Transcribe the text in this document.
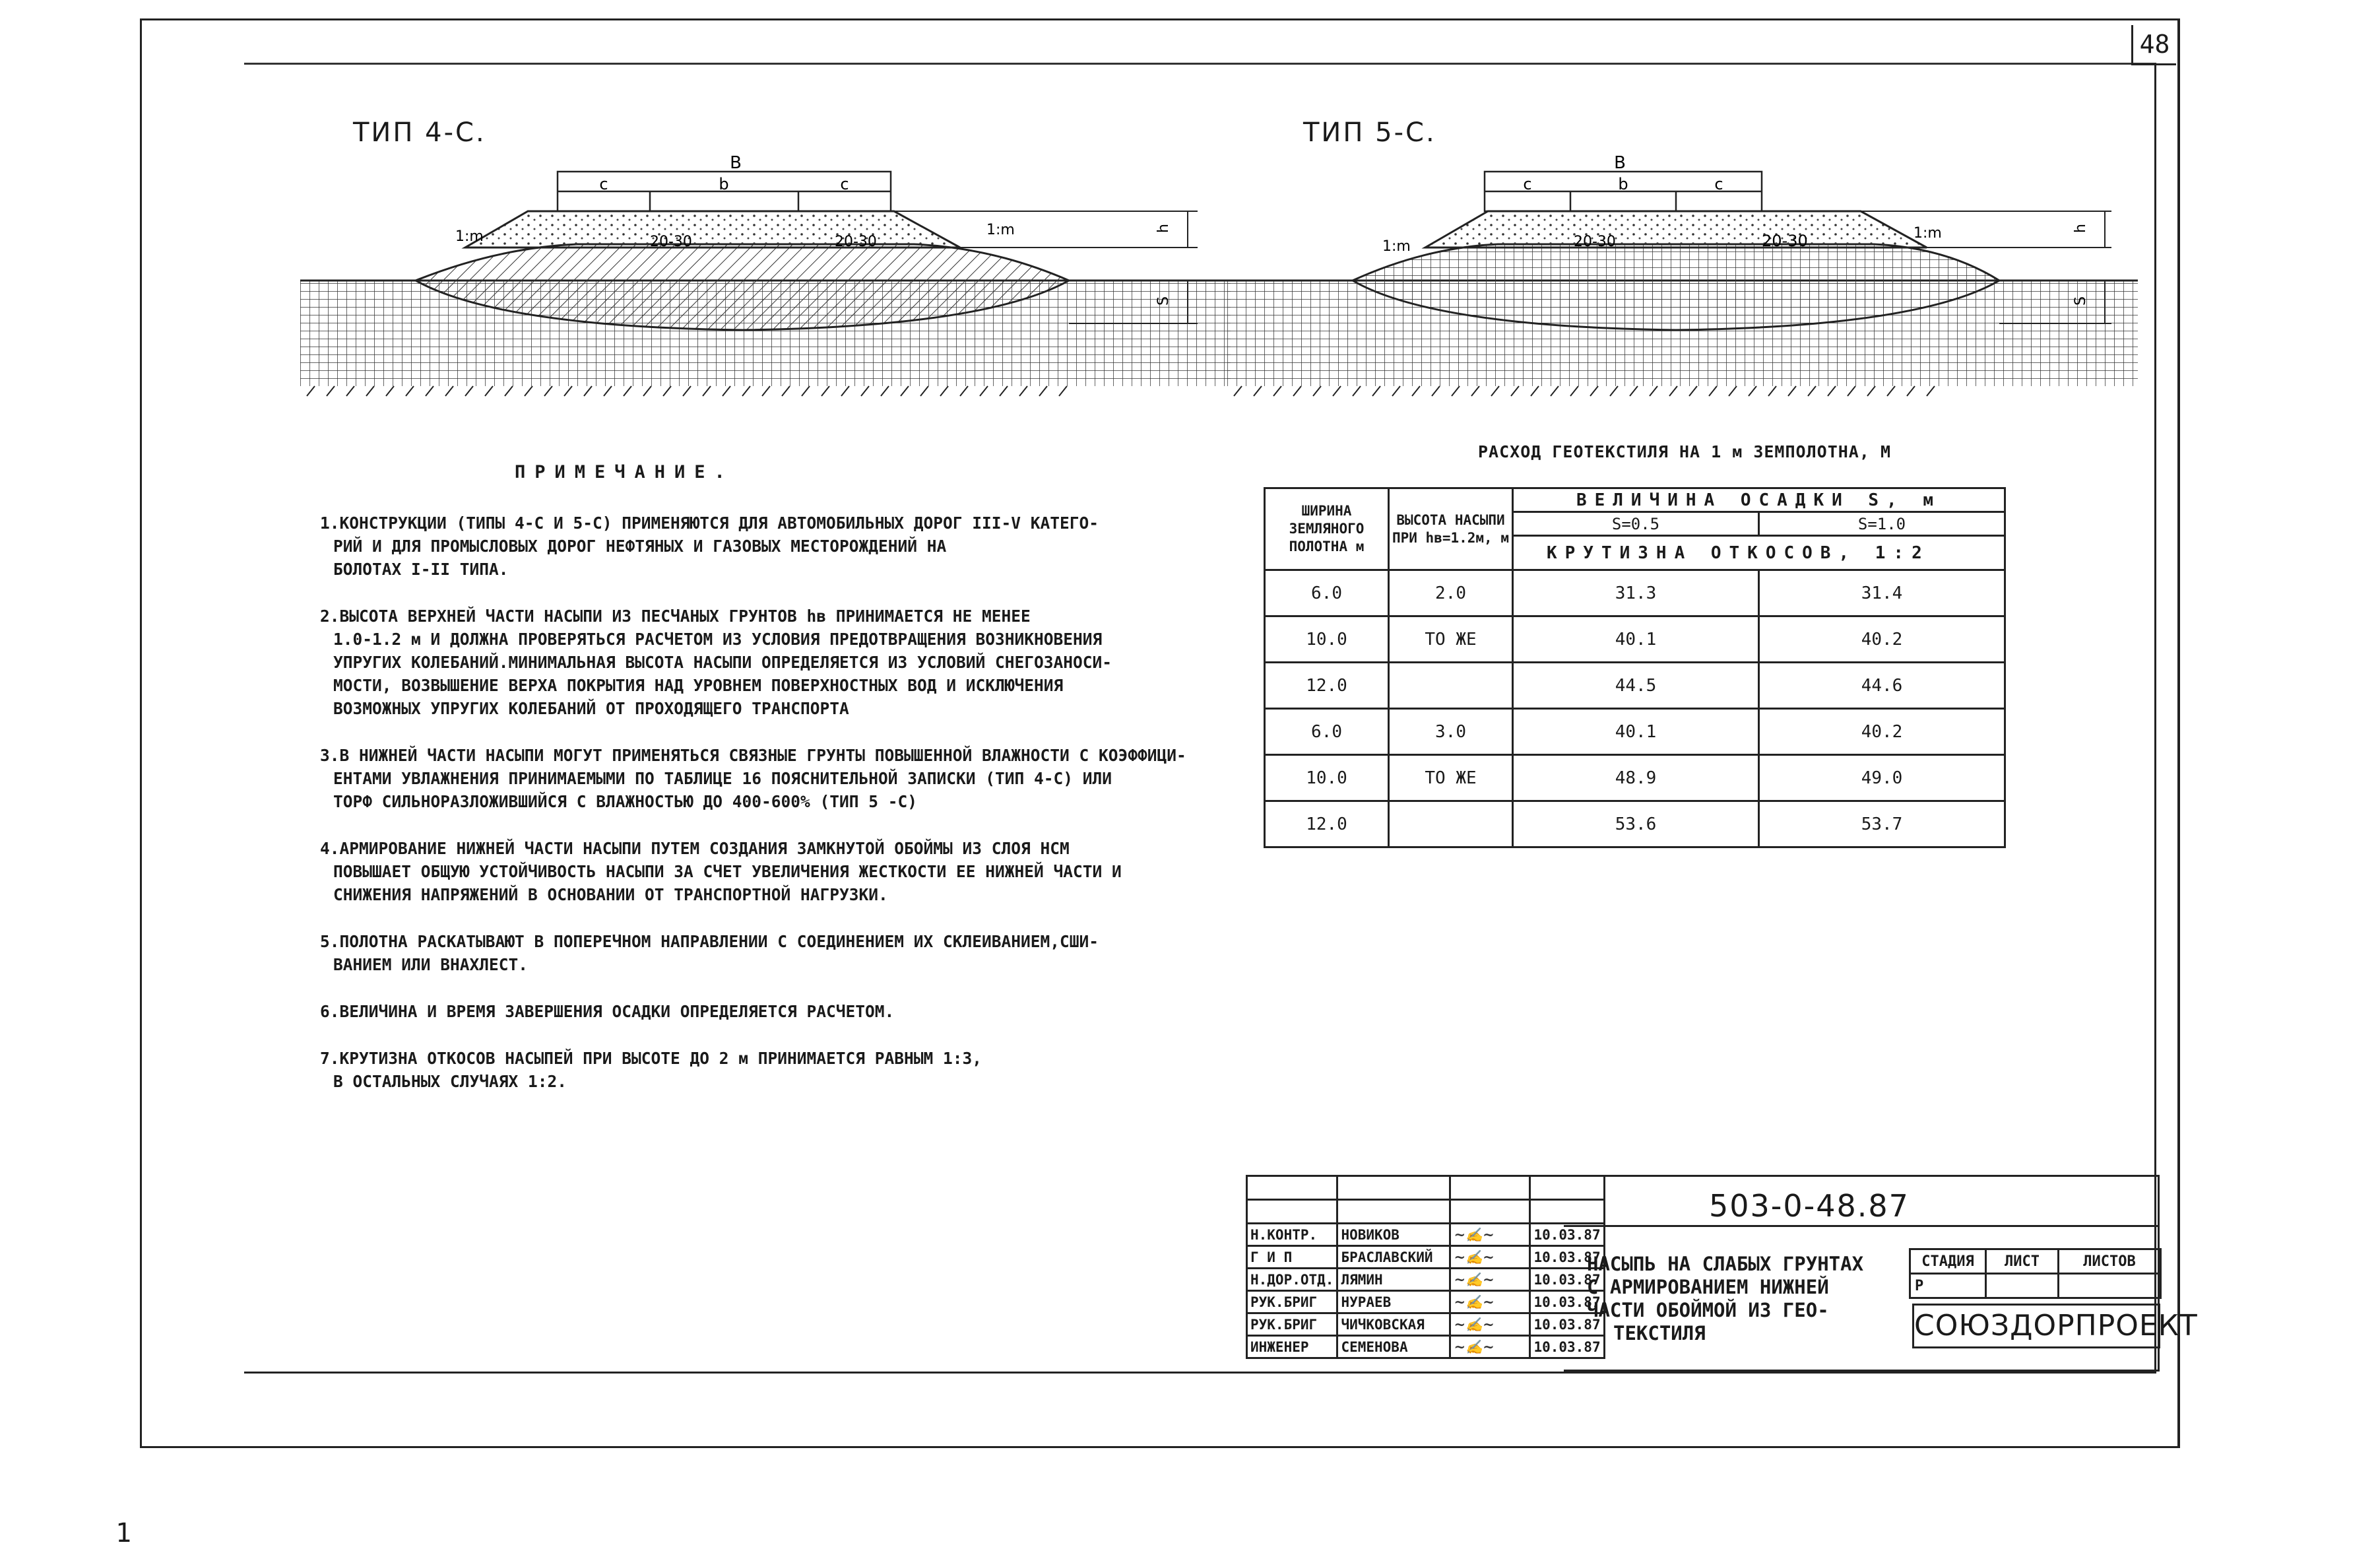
48
1
ТИП 4-С.	ТИП 5-С.
B
c	b	c
1:m	1:m
20-30	20-30
h
S
B
c	b	c
1:m
1:m
20-30	20-30
h
S
ПРИМЕЧАНИЕ.
1.КОНСТРУКЦИИ (ТИПЫ 4-С И 5-С) ПРИМЕНЯЮТСЯ ДЛЯ АВТОМОБИЛЬНЫХ ДОРОГ III-V КАТЕГО-
РИЙ И ДЛЯ ПРОМЫСЛОВЫХ ДОРОГ НЕФТЯНЫХ И ГАЗОВЫХ МЕСТОРОЖДЕНИЙ НА
БОЛОТАХ I-II ТИПА.
2.ВЫСОТА ВЕРХНЕЙ ЧАСТИ НАСЫПИ ИЗ ПЕСЧАНЫХ ГРУНТОВ hв ПРИНИМАЕТСЯ НЕ МЕНЕЕ
1.0-1.2 м И ДОЛЖНА ПРОВЕРЯТЬСЯ РАСЧЕТОМ ИЗ УСЛОВИЯ ПРЕДОТВРАЩЕНИЯ ВОЗНИКНОВЕНИЯ
УПРУГИХ КОЛЕБАНИЙ.МИНИМАЛЬНАЯ ВЫСОТА НАСЫПИ ОПРЕДЕЛЯЕТСЯ ИЗ УСЛОВИЙ СНЕГОЗАНОСИ-
МОСТИ, ВОЗВЫШЕНИЕ ВЕРХА ПОКРЫТИЯ НАД УРОВНЕМ ПОВЕРХНОСТНЫХ ВОД И ИСКЛЮЧЕНИЯ
ВОЗМОЖНЫХ УПРУГИХ КОЛЕБАНИЙ ОТ ПРОХОДЯЩЕГО ТРАНСПОРТА
3.В НИЖНЕЙ ЧАСТИ НАСЫПИ МОГУТ ПРИМЕНЯТЬСЯ СВЯЗНЫЕ ГРУНТЫ ПОВЫШЕННОЙ ВЛАЖНОСТИ С КОЭФФИЦИ-
ЕНТАМИ УВЛАЖНЕНИЯ ПРИНИМАЕМЫМИ ПО ТАБЛИЦЕ 16 ПОЯСНИТЕЛЬНОЙ ЗАПИСКИ (ТИП 4-С) ИЛИ
ТОРФ СИЛЬНОРАЗЛОЖИВШИЙСЯ С ВЛАЖНОСТЬЮ ДО 400-600% (ТИП 5 -С)
4.АРМИРОВАНИЕ НИЖНЕЙ ЧАСТИ НАСЫПИ ПУТЕМ СОЗДАНИЯ ЗАМКНУТОЙ ОБОЙМЫ ИЗ СЛОЯ НСМ
ПОВЫШАЕТ ОБЩУЮ УСТОЙЧИВОСТЬ НАСЫПИ ЗА СЧЕТ УВЕЛИЧЕНИЯ ЖЕСТКОСТИ ЕЕ НИЖНЕЙ ЧАСТИ И
СНИЖЕНИЯ НАПРЯЖЕНИЙ В ОСНОВАНИИ ОТ ТРАНСПОРТНОЙ НАГРУЗКИ.
5.ПОЛОТНА РАСКАТЫВАЮТ В ПОПЕРЕЧНОМ НАПРАВЛЕНИИ С СОЕДИНЕНИЕМ ИХ СКЛЕИВАНИЕМ,СШИ-
ВАНИЕМ ИЛИ ВНАХЛЕСТ.
6.ВЕЛИЧИНА И ВРЕМЯ ЗАВЕРШЕНИЯ ОСАДКИ ОПРЕДЕЛЯЕТСЯ РАСЧЕТОМ.
7.КРУТИЗНА ОТКОСОВ НАСЫПЕЙ ПРИ ВЫСОТЕ ДО 2 м ПРИНИМАЕТСЯ РАВНЫМ 1:3,
В ОСТАЛЬНЫХ СЛУЧАЯХ 1:2.
РАСХОД ГЕОТЕКСТИЛЯ НА 1 м ЗЕМПОЛОТНА, М
ШИРИНА ЗЕМЛЯНОГО ПОЛОТНА м	ВЫСОТА НАСЫПИ ПРИ hв=1.2м, м	ВЕЛИЧИНА ОСАДКИ S, м	
		S=0.5	S=1.0
		КРУТИЗНА ОТКОСОВ, 1:2	
6.0	2.0	31.3	31.4
10.0	ТО ЖЕ	40.1	40.2
12.0		44.5	44.6
6.0	3.0	40.1	40.2
10.0	ТО ЖЕ	48.9	49.0
12.0		53.6	53.7

Н.КОНТР.	НОВИКОВ	~✍~	10.03.87
Г И П	БРАСЛАВСКИЙ	~✍~	10.03.87
Н.ДОР.ОТД.	ЛЯМИН	~✍~	10.03.87
РУК.БРИГ	НУРАЕВ	~✍~	10.03.87
РУК.БРИГ	ЧИЧКОВСКАЯ	~✍~	10.03.87
ИНЖЕНЕР	СЕМЕНОВА	~✍~	10.03.87
503-0-48.87
НАСЫПЬ НА СЛАБЫХ ГРУНТАХ
С АРМИРОВАНИЕМ НИЖНЕЙ
ЧАСТИ ОБОЙМОЙ ИЗ ГЕО-
ТЕКСТИЛЯ
СТАДИЯ	ЛИСТ	ЛИСТОВ
Р		
СОЮЗДОРПРОЕКТ
